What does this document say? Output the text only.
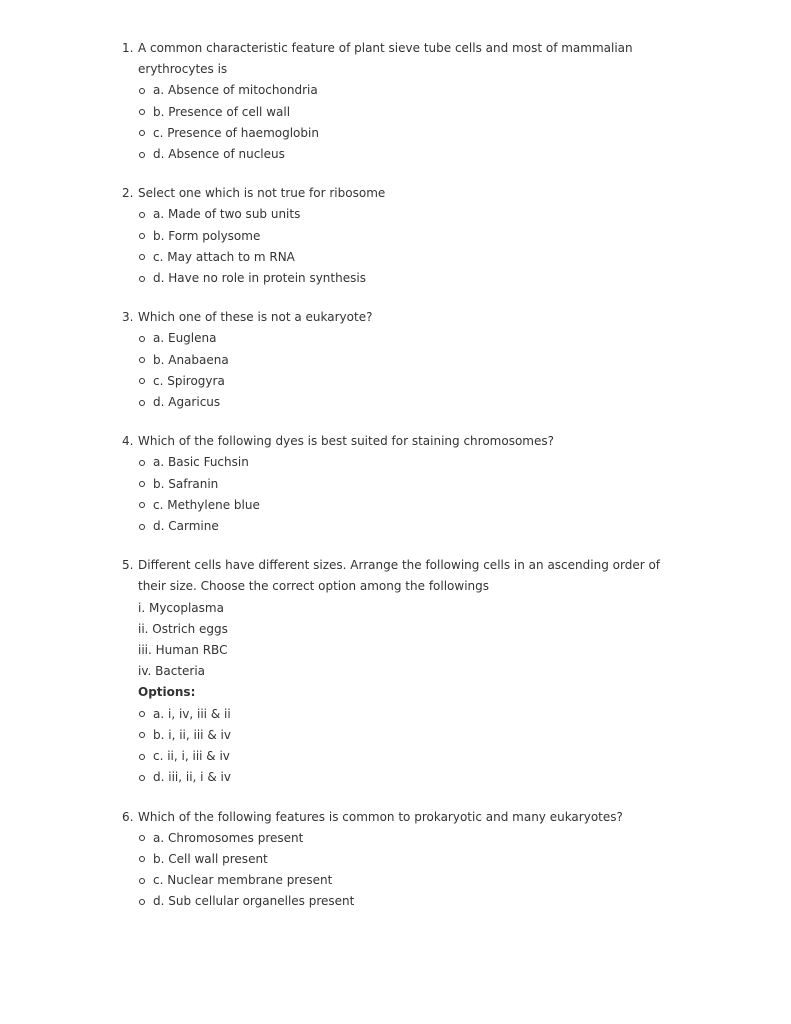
1. A common characteristic feature of plant sieve tube cells and most of mammalian erythrocytes is
a. Absence of mitochondria
b. Presence of cell wall
c. Presence of haemoglobin
d. Absence of nucleus
2. Select one which is not true for ribosome
a. Made of two sub units
b. Form polysome
c. May attach to m RNA
d. Have no role in protein synthesis
3. Which one of these is not a eukaryote?
a. Euglena
b. Anabaena
c. Spirogyra
d. Agaricus
4. Which of the following dyes is best suited for staining chromosomes?
a. Basic Fuchsin
b. Safranin
c. Methylene blue
d. Carmine
5. Different cells have different sizes. Arrange the following cells in an ascending order of their size. Choose the correct option among the followings
i. Mycoplasma
ii. Ostrich eggs
iii. Human RBC
iv. Bacteria
Options:
a. i, iv, iii & ii
b. i, ii, iii & iv
c. ii, i, iii & iv
d. iii, ii, i & iv
6. Which of the following features is common to prokaryotic and many eukaryotes?
a. Chromosomes present
b. Cell wall present
c. Nuclear membrane present
d. Sub cellular organelles present
